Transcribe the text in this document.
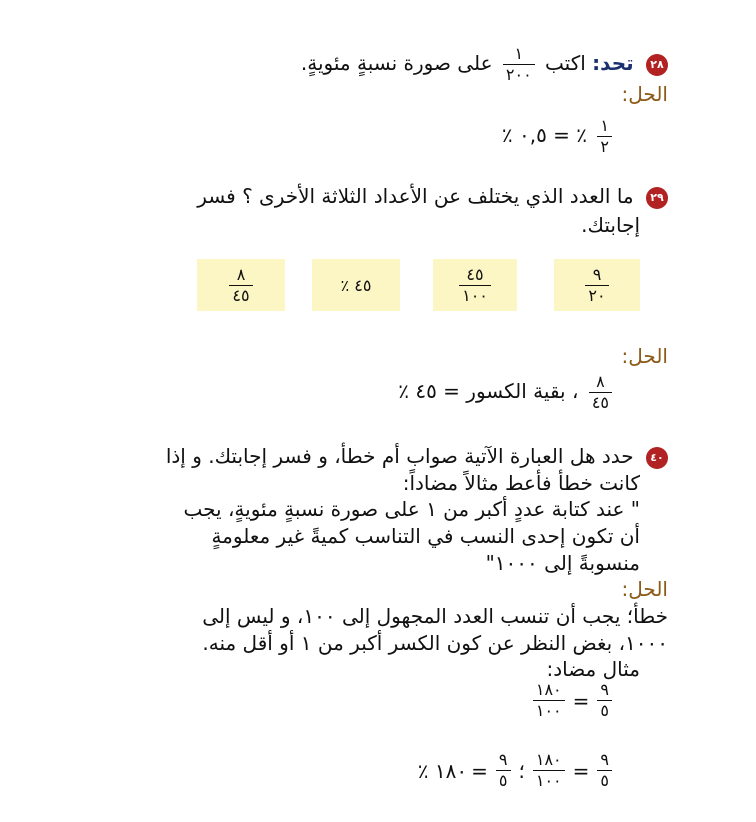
٢٨ تحد: اكتب
$\frac{١}{٢٠٠}$
على صورة نسبةٍ مئويةٍ.
الحل:
$\frac{١}{٢}$
٪ = ٠,٥ ٪
٢٩ ما العدد الذي يختلف عن الأعداد الثلاثة الأخرى ؟ فسر
إجابتك.
$\frac{٩}{٢٠}$
$\frac{٤٥}{١٠٠}$
٤٥ ٪
$\frac{٨}{٤٥}$
الحل:
$\frac{٨}{٤٥}$
، بقية الكسور = ٤٥ ٪
٤٠ حدد هل العبارة الآتية صواب أم خطأ، و فسر إجابتك. و إذا
كانت خطأ فأعط مثالاً مضاداً:
" عند كتابة عددٍ أكبر من ١ على صورة نسبةٍ مئويةٍ، يجب
أن تكون إحدى النسب في التناسب كميةً غير معلومةٍ
منسوبةً إلى ١٠٠٠"
الحل:
خطأ؛ يجب أن تنسب العدد المجهول إلى ١٠٠، و ليس إلى
١٠٠٠، بغض النظر عن كون الكسر أكبر من ١ أو أقل منه.
مثال مضاد:
$\frac{٩}{٥}$
=
$\frac{١٨٠}{١٠٠}$
$\frac{٩}{٥}$
=
$\frac{١٨٠}{١٠٠}$
؛
$\frac{٩}{٥}$
=
١٨٠ ٪
